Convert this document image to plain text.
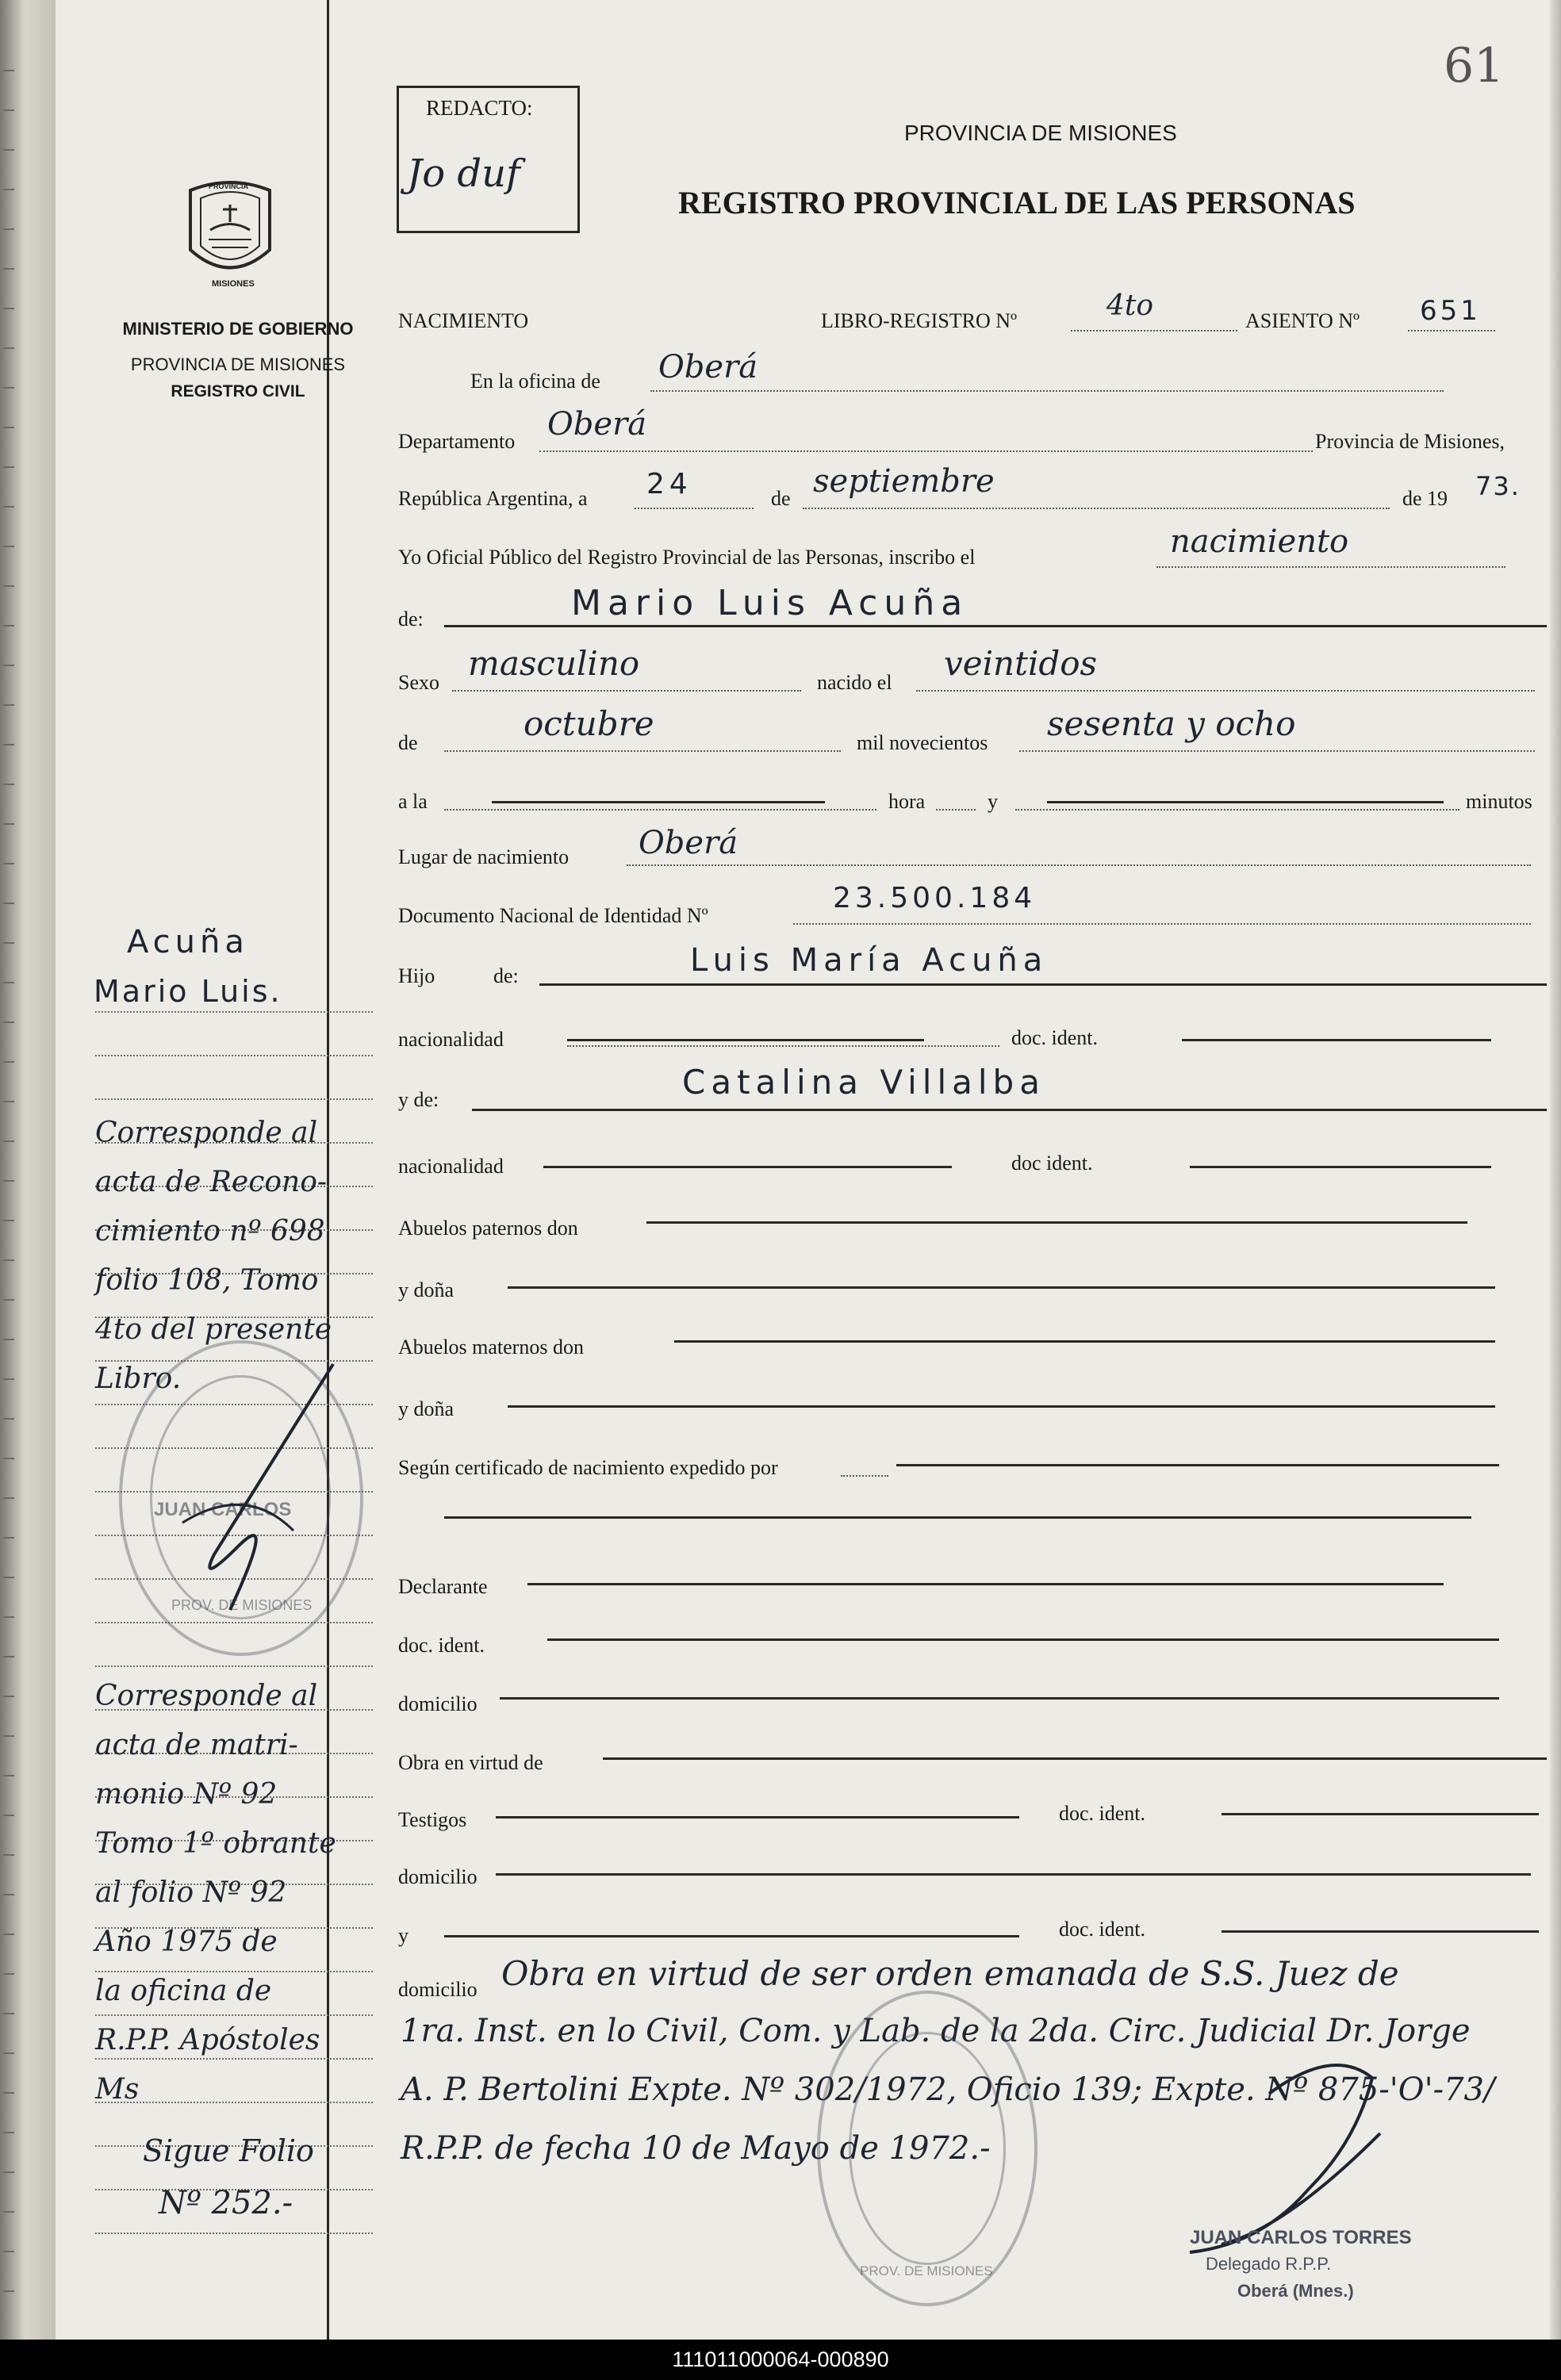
61
REDACTO:
Jo duf
PROVINCIA DE MISIONES
REGISTRO PROVINCIAL DE LAS PERSONAS
PROVINCIA
MISIONES
MINISTERIO DE GOBIERNO
PROVINCIA DE MISIONES
REGISTRO CIVIL
Acuña
Mario Luis.
Corresponde al
acta de Recono-
cimiento nº 698
folio 108, Tomo
4to del presente
Libro.
Corresponde al
acta de matri-
monio Nº 92
Tomo 1º obrante
al folio Nº 92
Año 1975 de
la oficina de
R.P.P. Apóstoles
Ms
Sigue Folio
Nº 252.-
JUAN CARLOS
PROV. DE MISIONES
NACIMIENTO	LIBRO-REGISTRO Nº	4to	ASIENTO Nº 651
En la oficina de Oberá
Departamento Oberá	Provincia de Misiones,
República Argentina, a 24	de septiembre	de 19 73.
Yo Oficial Público del Registro Provincial de las Personas, inscribo el	nacimiento
de:	Mario Luis Acuña
Sexo masculino	nacido el veintidos
de	octubre	mil novecientos sesenta y ocho
a la	hora	y	minutos
Lugar de nacimiento Oberá
Documento Nacional de Identidad Nº
23.500.184
Hijo	de:	Luis María Acuña
nacionalidad	doc. ident.
y de:	Catalina Villalba
nacionalidad	doc ident.
Abuelos paternos don
y doña
Abuelos maternos don
y doña
Según certificado de nacimiento expedido por
Declarante
doc. ident.
domicilio
Obra en virtud de
Testigos	doc. ident.
domicilio
y	doc. ident.
domicilio Obra en virtud de ser orden emanada de S.S. Juez de
1ra. Inst. en lo Civil, Com. y Lab. de la 2da. Circ. Judicial Dr. Jorge
A. P. Bertolini Expte. Nº 302/1972, Oficio 139; Expte. Nº 875-'O'-73/
R.P.P. de fecha 10 de Mayo de 1972.-
PROV. DE MISIONES
JUAN CARLOS TORRES
Delegado R.P.P.
Oberá (Mnes.)
111011000064-000890
